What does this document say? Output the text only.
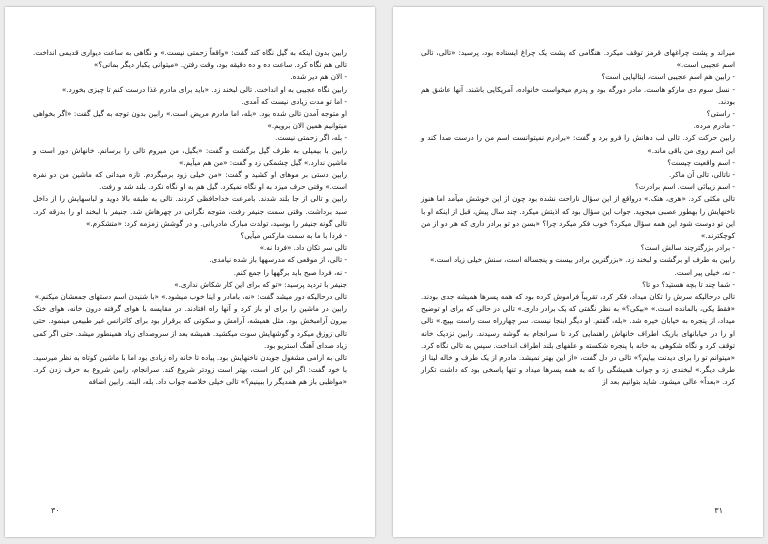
رابین بدون اینکه به گیل نگاه کند گفت: «واقعاً زحمتی نیست.» و نگاهی به ساعت دیواری قدیمی انداخت. تالی هم نگاه کرد. ساعت ده و ده دقیقه بود، وقت رفتن. «میتوانی یکبار دیگر بمانی؟»

- الان هم دیر شده.

رابین نگاه عجیبی به او انداخت. تالی لبخند زد. «باید برای مادرم غذا درست کنم تا چیزی بخورد.»

- اما تو مدت زیادی نیست که آمدی.

او متوجه آمدن تالی شده بود. «بله، اما مادرم مریض است.» رابین بدون توجه به گیل گفت: «اگر بخواهی میتوانیم همین الان برویم.»

- بله، اگر زحمتی نیست.

رابین با بیمیلی به طرف گیل برگشت و گفت: «بگیل، من میروم تالی را برسانم. خانهاش دور است و ماشین ندارد.» گیل چشمکی زد و گفت: «من هم میآیم.»

رابین دستی بر موهای او کشید و گفت: «من خیلی زود برمیگردم. تازه میدانی که ماشین من دو نفره است.» وقتی حرف میزد به او نگاه نمیکرد. گیل هم به او نگاه نکرد. بلند شد و رفت.

رابین و تالی از جا بلند شدند. بامرعت خداحافظی کردند. تالی به طبقه بالا دوید و لباسهایش را از داخل سبد برداشت. وقتی سمت جنیفر رفت، متوجه نگرانی در چهرهاش شد. جنیفر با لبخند او را بدرقه کرد. تالی گونه جنیفر را بوسید، تولدت مبارک مادربانی. و در گوشش زمزمه کرد: «متشکرم.»

- فردا با ما به سمت مارکس میآیی؟

تالی سر تکان داد. «فردا نه.»

- تالی، از موقعی که مدرسهها باز شده نیامدی.

- نه، فردا صبح باید برگهها را جمع کنم.

جنیفر با تردید پرسید: «تو که برای این کار شکاش نداری.»

تالی درحالیکه دور میشد گفت: «نه، بامادر و اینا خوب میشود.» «با شنیدن اسم دستهای جمعشان میکنم.»

رابین در ماشین را برای او باز کرد و آنها راه افتادند. در مقایسه با هوای گرفته درون خانه، هوای خنک بیرون آرامبخش بود. مثل همیشه، آرامش و سکوتی که برقرار بود برای کاترانس غیر طبیعی مینمود. حتی تالی زوزق میکرد و گوشهایش سوت میکشید. همیشه بعد از سروصدای زیاد همینطور میشد. حتی اگر کمی زیاد صدای آهنگ استریو بود.

تالی به ارامی مشغول جویدن ناخنهایش بود. پیاده تا خانه راه زیادی بود اما با ماشین کوتاه به نظر میرسید. با خود گفت: اگر این کار است، بهتر است زودتر شروع کند. سرانجام، رابین شروع به حرف زدن کرد. «مواظبی باز هم همدیگر را ببینیم؟» تالی خیلی خلاصه جواب داد. بله، البته. رابین اضافه

۳۰

میراند و پشت چراغهای قرمز توقف میکرد. هنگامی که پشت یک چراغ ایستاده بود، پرسید: «تالی، تالی اسم عجیبی است.»

- رابین هم اسم عجیبی است، ایتالیایی است؟

- نسل سوم دی مارکو هاست. مادر دورگه بود و پدرم میخواست خانواده، آمریکایی باشند. آنها عاشق هم بودند.

- راستی؟

- مادرم مرده.

رابین حرکت کرد. تالی لب دهانش را فرو برد و گفت: «برادرم نمیتوانست اسم من را درست صدا کند و این اسم روی من باقی ماند.»

- اسم واقعیت چیست؟

- ناتالی، تالی آن ماکر.

- اسم زیبائی است. اسم برادرت؟

تالی مکثی کرد. «هری، هنک.» درواقع از این سؤال ناراحت نشده بود چون از این خوشش میآمد اما هنوز ناخنهایش را بهطور عصبی میجوید. جواب این سؤال بود که اذیتش میکرد. چند سال پیش، قبل از اینکه او با این تو دوست شود این همه سؤال میکرد؟ خوب فکر میکرد چرا؟ «بسن دو تو برادر داری که هر دو از من کوچکترند.»

- برادر بزرگترچند سالش است؟

رابین به طرف او برگشت و لبخند زد. «بزرگترین برادر بیست و پنجساله است، سنش خیلی زیاد است.»

- نه، خیلی پیر است.

- شما چند تا بچه هستید؟ دو تا؟

تالی درحالیکه سرش را تکان میداد، فکر کرد، تقریباً فراموش کرده بود که همه پسرها همیشه جدی بودند. «فقط یکی، بالمانده است.» «بیکی؟» به نظر نگفتی که یک برادر داری.» تالی در حالی که برای او توضیح میداد، از پنجره به خیابان خیره شد. «بله، گفتم. او دیگر اینجا نیست. سر چهارراه ست راست بپیچ.» تالی او را در خیابانهای باریک اطراف خانهاش راهنمایی کرد تا سرانجام به گوشه رسیدند. رابین نزدیک خانه توقف کرد و نگاه شکوهی به خانه با پنجره شکسته و علفهای بلند اطراف انداخت. سپس به تالی نگاه کرد. «میتوانم تو را برای دیدنت بیایم؟» تالی در دل گفت، «از این بهتر نمیشد. مادرم از یک طرف و خاله لینا از طرف دیگر.» لبخندی زد و جواب همیشگی را که به همه پسرها میداد و تنها پاسخی بود که داشت تکرار کرد. «بعداً» عالی میشود. شاید بتوانیم بعد از

۳۱
